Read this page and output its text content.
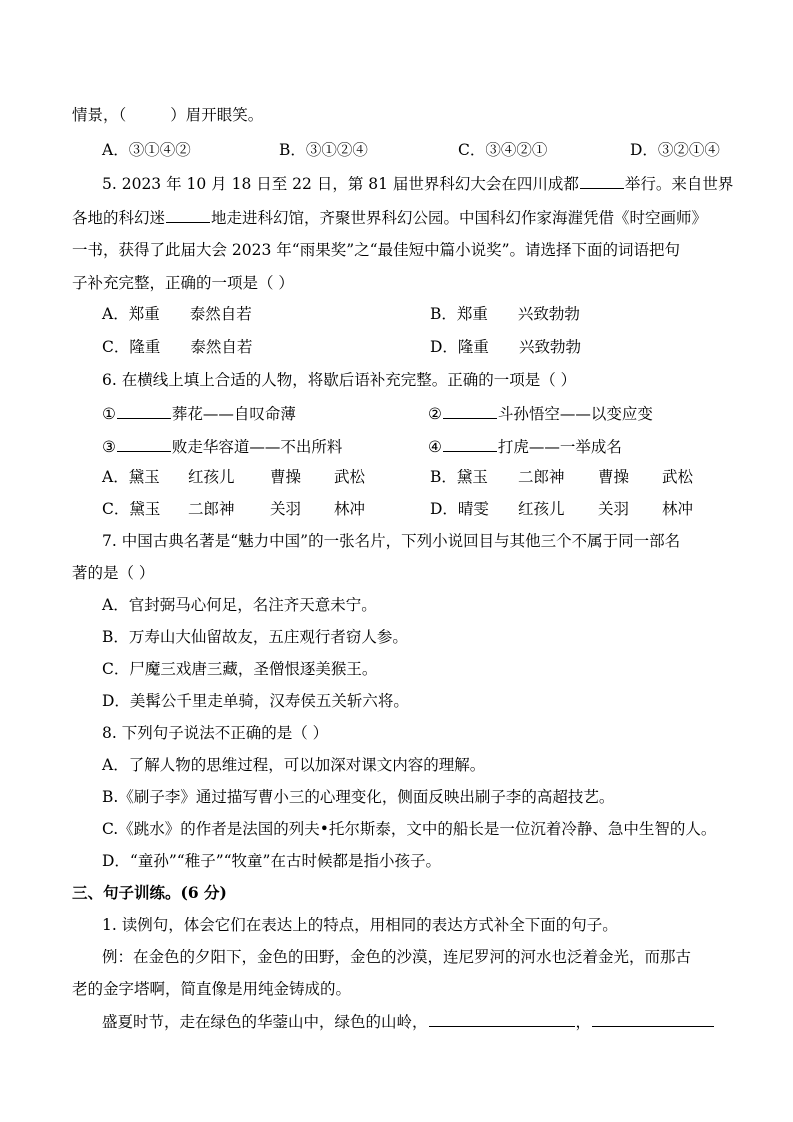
情景，（	）眉开眼笑。
A．③①④②	B．③①②④	C．③④②①	D．③②①④
5. 2023 年 10 月 18 日至 22 日，第 81 届世界科幻大会在四川成都	举行。来自世界
各地的科幻迷	地走进科幻馆，齐聚世界科幻公园。中国科幻作家海漄凭借《时空画师》
一书，获得了此届大会 2023 年“雨果奖”之“最佳短中篇小说奖”。请选择下面的词语把句
子补充完整，正确的一项是（ ）
A．郑重 泰然自若	B．郑重 兴致勃勃
C．隆重 泰然自若	D．隆重 兴致勃勃
6. 在横线上填上合适的人物，将歇后语补充完整。正确的一项是（ ）
①	葬花——自叹命薄	②	斗孙悟空——以变应变
③	败走华容道——不出所料	④	打虎——一举成名
A．黛玉 红孩儿 曹操 武松	B．黛玉 二郎神 曹操 武松
C．黛玉 二郎神 关羽 林冲	D．晴雯 红孩儿 关羽 林冲
7. 中国古典名著是“魅力中国”的一张名片，下列小说回目与其他三个不属于同一部名
著的是（ ）
A．官封弼马心何足，名注齐天意未宁。
B．万寿山大仙留故友，五庄观行者窃人参。
C．尸魔三戏唐三藏，圣僧恨逐美猴王。
D．美髯公千里走单骑，汉寿侯五关斩六将。
8. 下列句子说法不正确的是（ ）
A．了解人物的思维过程，可以加深对课文内容的理解。
B.《刷子李》通过描写曹小三的心理变化，侧面反映出刷子李的高超技艺。
C.《跳水》的作者是法国的列夫•托尔斯泰，文中的船长是一位沉着冷静、急中生智的人。
D．“童孙”“稚子”“牧童”在古时候都是指小孩子。
三、句子训练。(6 分)
1. 读例句，体会它们在表达上的特点，用相同的表达方式补全下面的句子。
例：在金色的夕阳下，金色的田野，金色的沙漠，连尼罗河的河水也泛着金光，而那古
老的金字塔啊，简直像是用纯金铸成的。
盛夏时节，走在绿色的华蓥山中，绿色的山岭，	，
